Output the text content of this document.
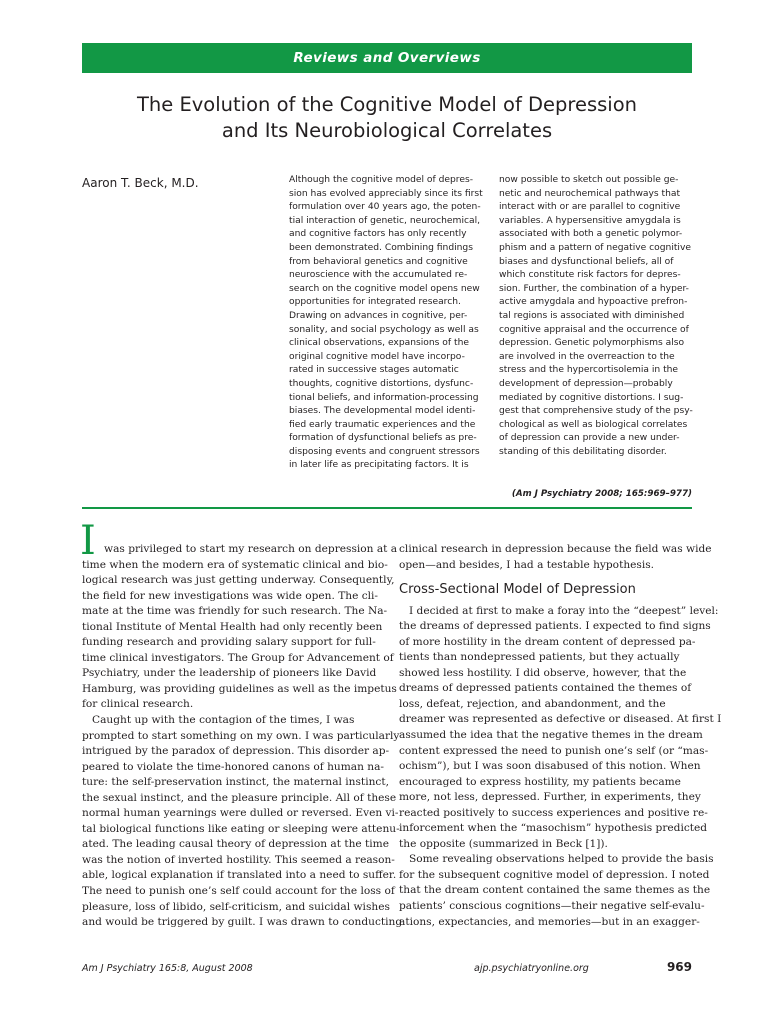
Reviews and Overviews
The Evolution of the Cognitive Model of Depression
and Its Neurobiological Correlates
Aaron T. Beck, M.D.	Although the cognitive model of depres-
sion has evolved appreciably since its first
formulation over 40 years ago, the poten-
tial interaction of genetic, neurochemical,
and cognitive factors has only recently
been demonstrated. Combining findings
from behavioral genetics and cognitive
neuroscience with the accumulated re-
search on the cognitive model opens new
opportunities for integrated research.
Drawing on advances in cognitive, per-
sonality, and social psychology as well as
clinical observations, expansions of the
original cognitive model have incorpo-
rated in successive stages automatic
thoughts, cognitive distortions, dysfunc-
tional beliefs, and information-processing
biases. The developmental model identi-
fied early traumatic experiences and the
formation of dysfunctional beliefs as pre-
disposing events and congruent stressors
in later life as precipitating factors. It is
now possible to sketch out possible ge-
netic and neurochemical pathways that
interact with or are parallel to cognitive
variables. A hypersensitive amygdala is
associated with both a genetic polymor-
phism and a pattern of negative cognitive
biases and dysfunctional beliefs, all of
which constitute risk factors for depres-
sion. Further, the combination of a hyper-
active amygdala and hypoactive prefron-
tal regions is associated with diminished
cognitive appraisal and the occurrence of
depression. Genetic polymorphisms also
are involved in the overreaction to the
stress and the hypercortisolemia in the
development of depression—probably
mediated by cognitive distortions. I sug-
gest that comprehensive study of the psy-
chological as well as biological correlates
of depression can provide a new under-
standing of this debilitating disorder.
(Am J Psychiatry 2008; 165:969–977)
I was privileged to start my research on depression at a
time when the modern era of systematic clinical and bio-
logical research was just getting underway. Consequently,
the field for new investigations was wide open. The cli-
mate at the time was friendly for such research. The Na-
tional Institute of Mental Health had only recently been
funding research and providing salary support for full-
time clinical investigators. The Group for Advancement of
Psychiatry, under the leadership of pioneers like David
Hamburg, was providing guidelines as well as the impetus
for clinical research.
Caught up with the contagion of the times, I was
prompted to start something on my own. I was particularly
intrigued by the paradox of depression. This disorder ap-
peared to violate the time-honored canons of human na-
ture: the self-preservation instinct, the maternal instinct,
the sexual instinct, and the pleasure principle. All of these
normal human yearnings were dulled or reversed. Even vi-
tal biological functions like eating or sleeping were attenu-
ated. The leading causal theory of depression at the time
was the notion of inverted hostility. This seemed a reason-
able, logical explanation if translated into a need to suffer.
The need to punish one’s self could account for the loss of
pleasure, loss of libido, self-criticism, and suicidal wishes
and would be triggered by guilt. I was drawn to conducting
clinical research in depression because the field was wide
open—and besides, I had a testable hypothesis.
Cross-Sectional Model of Depression
I decided at first to make a foray into the “deepest” level:
the dreams of depressed patients. I expected to find signs
of more hostility in the dream content of depressed pa-
tients than nondepressed patients, but they actually
showed less hostility. I did observe, however, that the
dreams of depressed patients contained the themes of
loss, defeat, rejection, and abandonment, and the
dreamer was represented as defective or diseased. At first I
assumed the idea that the negative themes in the dream
content expressed the need to punish one’s self (or “mas-
ochism”), but I was soon disabused of this notion. When
encouraged to express hostility, my patients became
more, not less, depressed. Further, in experiments, they
reacted positively to success experiences and positive re-
inforcement when the “masochism” hypothesis predicted
the opposite (summarized in Beck [1]).
Some revealing observations helped to provide the basis
for the subsequent cognitive model of depression. I noted
that the dream content contained the same themes as the
patients’ conscious cognitions—their negative self-evalu-
ations, expectancies, and memories—but in an exagger-
Am J Psychiatry 165:8, August 2008	ajp.psychiatryonline.org	969
